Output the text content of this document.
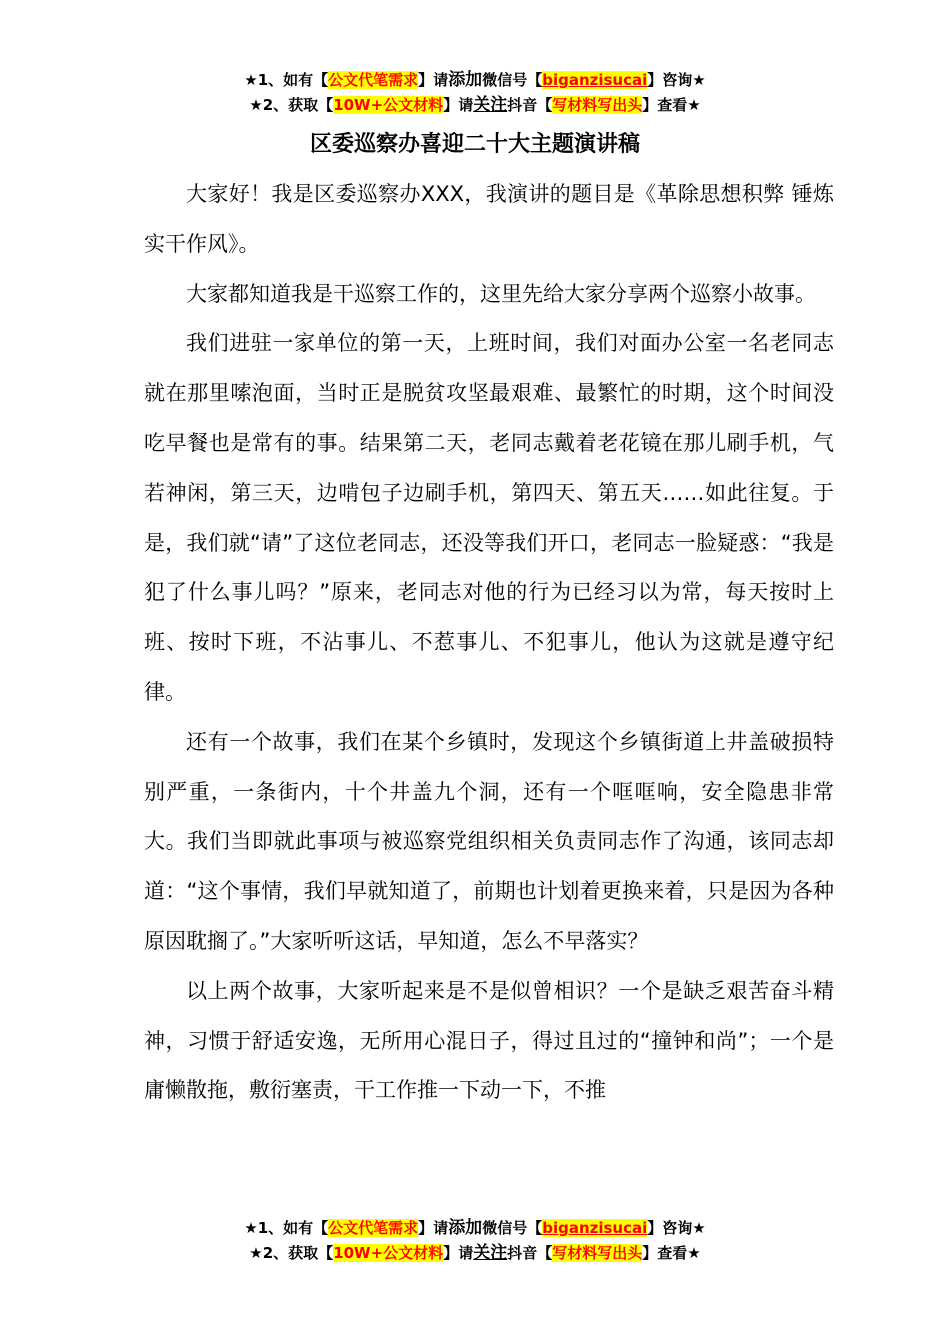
★1、如有【公文代笔需求】请添加微信号【biganzisucai】咨询★
★2、获取【10W+公文材料】请关注抖音【写材料写出头】查看★
区委巡察办喜迎二十大主题演讲稿

大家好！我是区委巡察办XXX，我演讲的题目是《革除思想积弊 锤炼实干作风》。

大家都知道我是干巡察工作的，这里先给大家分享两个巡察小故事。

我们进驻一家单位的第一天，上班时间，我们对面办公室一名老同志就在那里嗦泡面，当时正是脱贫攻坚最艰难、最繁忙的时期，这个时间没吃早餐也是常有的事。结果第二天，老同志戴着老花镜在那儿刷手机，气若神闲，第三天，边啃包子边刷手机，第四天、第五天……如此往复。于是，我们就“请”了这位老同志，还没等我们开口，老同志一脸疑惑：“我是犯了什么事儿吗？”原来，老同志对他的行为已经习以为常，每天按时上班、按时下班，不沾事儿、不惹事儿、不犯事儿，他认为这就是遵守纪律。

还有一个故事，我们在某个乡镇时，发现这个乡镇街道上井盖破损特别严重，一条街内，十个井盖九个洞，还有一个哐哐响，安全隐患非常大。我们当即就此事项与被巡察党组织相关负责同志作了沟通，该同志却道：“这个事情，我们早就知道了，前期也计划着更换来着，只是因为各种原因耽搁了。”大家听听这话，早知道，怎么不早落实？

以上两个故事，大家听起来是不是似曾相识？一个是缺乏艰苦奋斗精神，习惯于舒适安逸，无所用心混日子，得过且过的“撞钟和尚”；一个是庸懒散拖，敷衍塞责，干工作推一下动一下，不推

★1、如有【公文代笔需求】请添加微信号【biganzisucai】咨询★
★2、获取【10W+公文材料】请关注抖音【写材料写出头】查看★
